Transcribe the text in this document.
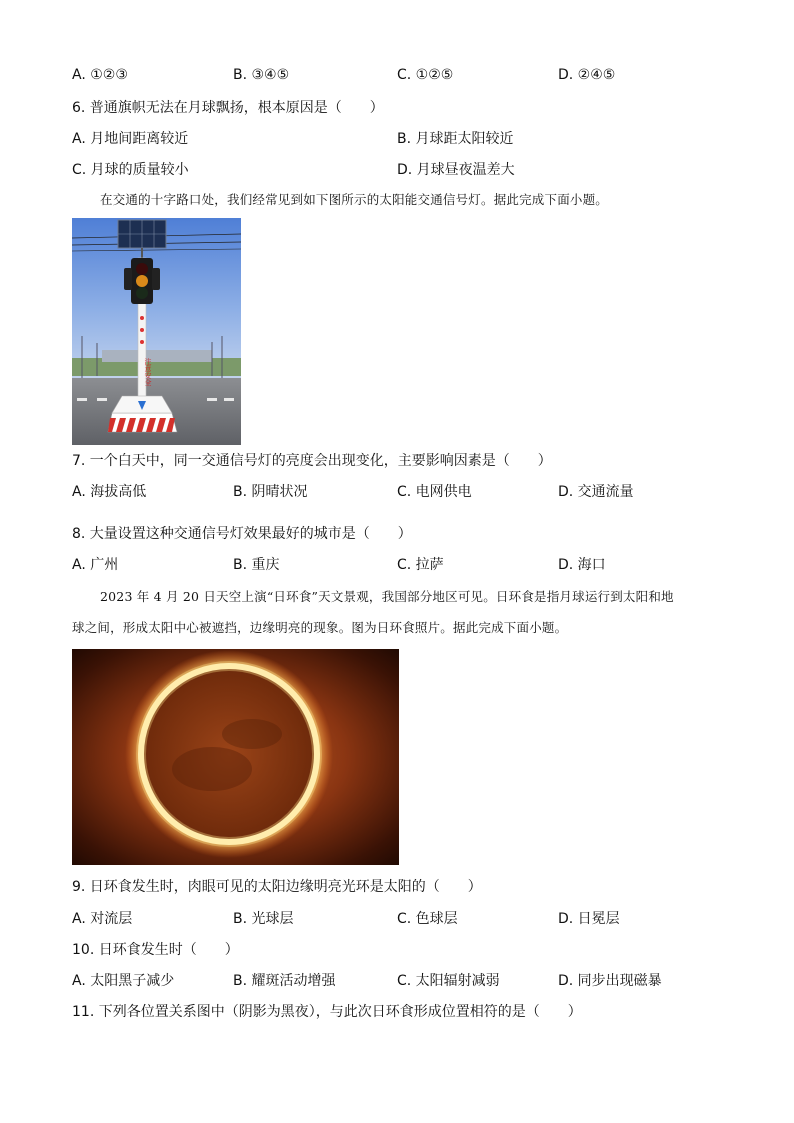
A. ①②③	B. ③④⑤	C. ①②⑤	D. ②④⑤
6. 普通旗帜无法在月球飘扬，根本原因是（　　）
A. 月地间距离较近	B. 月球距太阳较近
C. 月球的质量较小	D. 月球昼夜温差大
在交通的十字路口处，我们经常见到如下图所示的太阳能交通信号灯。据此完成下面小题。
注意安全
7. 一个白天中，同一交通信号灯的亮度会出现变化，主要影响因素是（　　）
A. 海拔高低	B. 阴晴状况	C. 电网供电	D. 交通流量
8. 大量设置这种交通信号灯效果最好的城市是（　　）
A. 广州	B. 重庆	C. 拉萨	D. 海口
2023 年 4 月 20 日天空上演“日环食”天文景观，我国部分地区可见。日环食是指月球运行到太阳和地
球之间，形成太阳中心被遮挡，边缘明亮的现象。图为日环食照片。据此完成下面小题。
9. 日环食发生时，肉眼可见的太阳边缘明亮光环是太阳的（　　）
A. 对流层	B. 光球层	C. 色球层	D. 日冕层
10. 日环食发生时（　　）
A. 太阳黑子减少	B. 耀斑活动增强	C. 太阳辐射减弱	D. 同步出现磁暴
11. 下列各位置关系图中（阴影为黑夜），与此次日环食形成位置相符的是（　　）
